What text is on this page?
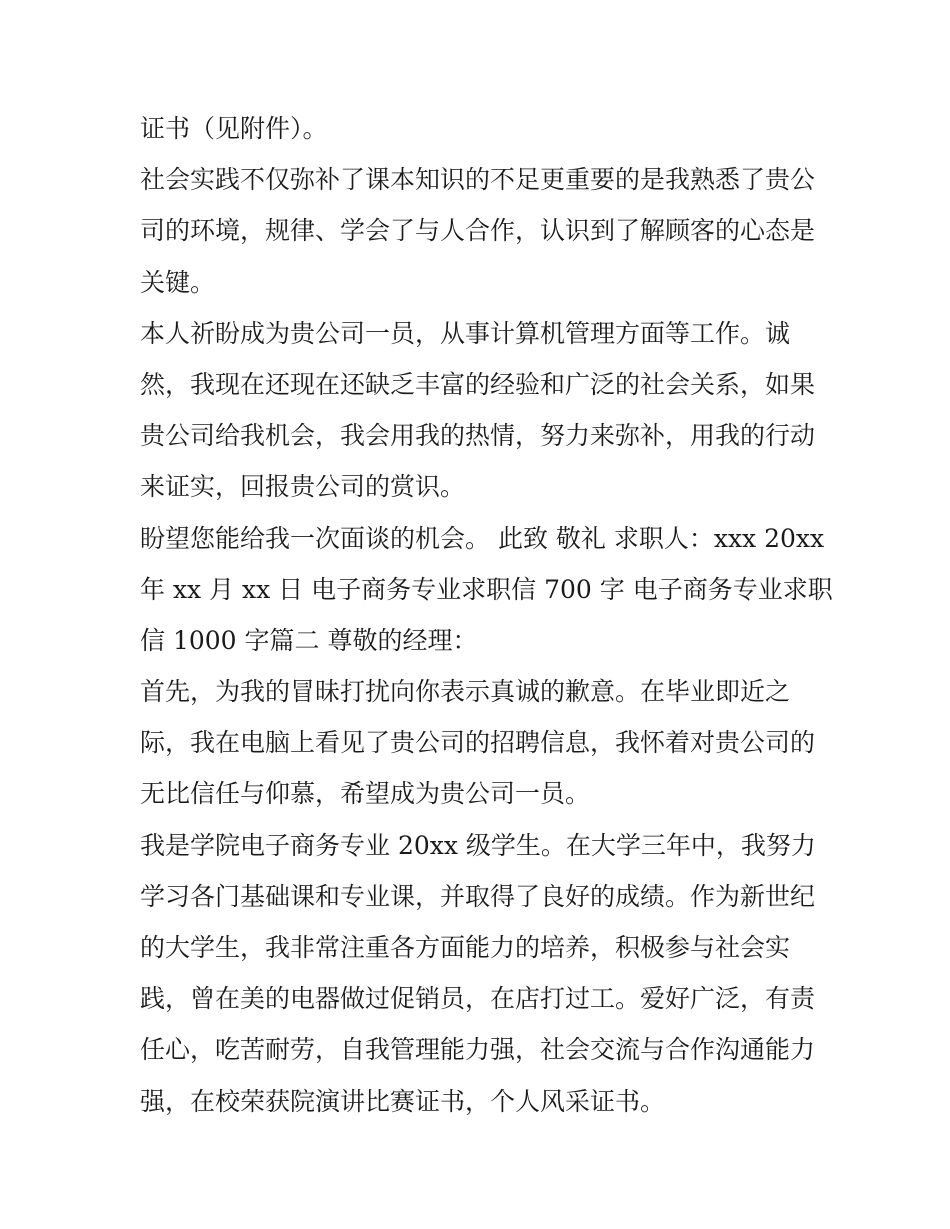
证书（见附件）。
社会实践不仅弥补了课本知识的不足更重要的是我熟悉了贵公
司的环境，规律、学会了与人合作，认识到了解顾客的心态是
关键。
本人祈盼成为贵公司一员，从事计算机管理方面等工作。诚
然，我现在还现在还缺乏丰富的经验和广泛的社会关系，如果
贵公司给我机会，我会用我的热情，努力来弥补，用我的行动
来证实，回报贵公司的赏识。
盼望您能给我一次面谈的机会。 此致 敬礼 求职人：xxx 20xx
年 xx 月 xx 日 电子商务专业求职信 700 字 电子商务专业求职
信 1000 字篇二 尊敬的经理：
首先，为我的冒昧打扰向你表示真诚的歉意。在毕业即近之
际，我在电脑上看见了贵公司的招聘信息，我怀着对贵公司的
无比信任与仰慕，希望成为贵公司一员。
我是学院电子商务专业 20xx 级学生。在大学三年中，我努力
学习各门基础课和专业课，并取得了良好的成绩。作为新世纪
的大学生，我非常注重各方面能力的培养，积极参与社会实
践，曾在美的电器做过促销员，在店打过工。爱好广泛，有责
任心，吃苦耐劳，自我管理能力强，社会交流与合作沟通能力
强，在校荣获院演讲比赛证书，个人风采证书。
